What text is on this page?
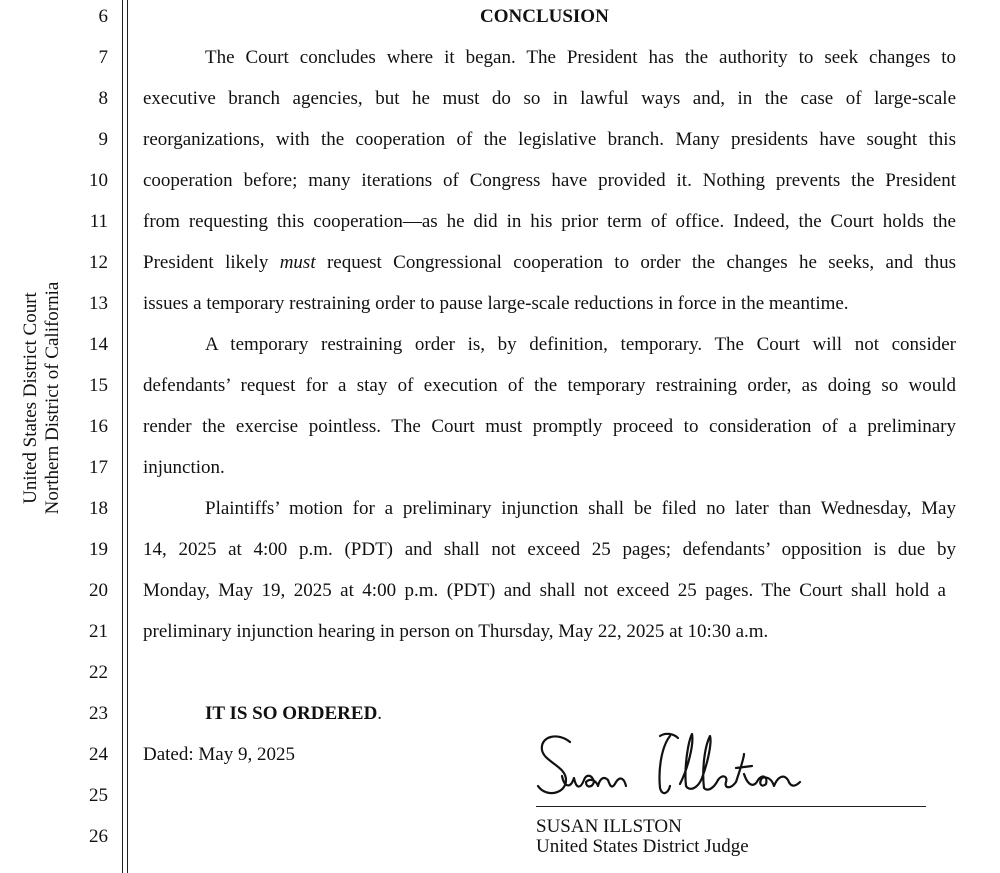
United States District Court Northern District of California
6
7
8
9
10
11
12
13
14
15
16
17
18
19
20
21
22
23
24
25
26
CONCLUSION
The Court concludes where it began. The President has the authority to seek changes to
executive branch agencies, but he must do so in lawful ways and, in the case of large-scale
reorganizations, with the cooperation of the legislative branch. Many presidents have sought this
cooperation before; many iterations of Congress have provided it. Nothing prevents the President
from requesting this cooperation—as he did in his prior term of office. Indeed, the Court holds the
President likely must request Congressional cooperation to order the changes he seeks, and thus
issues a temporary restraining order to pause large-scale reductions in force in the meantime.
A temporary restraining order is, by definition, temporary. The Court will not consider
defendants’ request for a stay of execution of the temporary restraining order, as doing so would
render the exercise pointless. The Court must promptly proceed to consideration of a preliminary
injunction.
Plaintiffs’ motion for a preliminary injunction shall be filed no later than Wednesday, May
14, 2025 at 4:00 p.m. (PDT) and shall not exceed 25 pages; defendants’ opposition is due by
Monday, May 19, 2025 at 4:00 p.m. (PDT) and shall not exceed 25 pages. The Court shall hold a
preliminary injunction hearing in person on Thursday, May 22, 2025 at 10:30 a.m.
IT IS SO ORDERED.
Dated: May 9, 2025
SUSAN ILLSTON
United States District Judge
